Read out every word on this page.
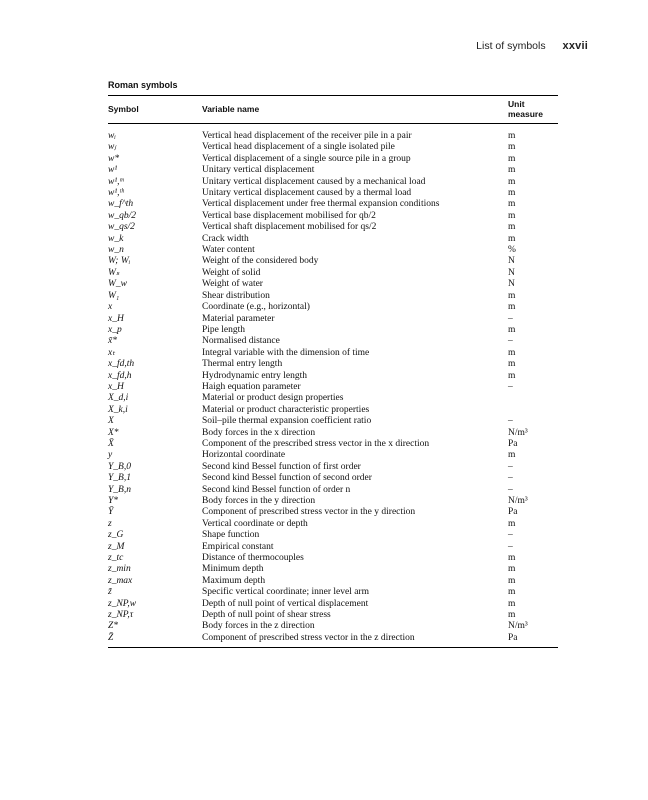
List of symbols xxvii
Roman symbols
Symbol	Variable name	Unit measure
wᵢ	Vertical head displacement of the receiver pile in a pair	m
wⱼ	Vertical head displacement of a single isolated pile	m
w*	Vertical displacement of a single source pile in a group	m
w¹	Unitary vertical displacement	m
w¹,ᵐ	Unitary vertical displacement caused by a mechanical load	m
w¹,ᵗʰ	Unitary vertical displacement caused by a thermal load	m
w_f^th	Vertical displacement under free thermal expansion conditions	m
w_qb/2	Vertical base displacement mobilised for qb/2	m
w_qs/2	Vertical shaft displacement mobilised for qs/2	m
w_k	Crack width	m
w_n	Water content	%
W; Wᵢ	Weight of the considered body	N
Wₛ	Weight of solid	N
W_w	Weight of water	N
W₁	Shear distribution	m
x	Coordinate (e.g., horizontal)	m
x_H	Material parameter	–
x_p	Pipe length	m
x̃*	Normalised distance	–
xₜ	Integral variable with the dimension of time	m
x_fd,th	Thermal entry length	m
x_fd,h	Hydrodynamic entry length	m
x_H	Haigh equation parameter	–
X_d,i	Material or product design properties	
X_k,i	Material or product characteristic properties	
X	Soil–pile thermal expansion coefficient ratio	–
X*	Body forces in the x direction	N/m³
X̄	Component of the prescribed stress vector in the x direction	Pa
y	Horizontal coordinate	m
Y_B,0	Second kind Bessel function of first order	–
Y_B,1	Second kind Bessel function of second order	–
Y_B,n	Second kind Bessel function of order n	–
Y*	Body forces in the y direction	N/m³
Ȳ	Component of prescribed stress vector in the y direction	Pa
z	Vertical coordinate or depth	m
z_G	Shape function	–
z_M	Empirical constant	–
z_tc	Distance of thermocouples	m
z_min	Minimum depth	m
z_max	Maximum depth	m
z̃	Specific vertical coordinate; inner level arm	m
z_NP,w	Depth of null point of vertical displacement	m
z_NP,τ	Depth of null point of shear stress	m
Z*	Body forces in the z direction	N/m³
Z̄	Component of prescribed stress vector in the z direction	Pa
